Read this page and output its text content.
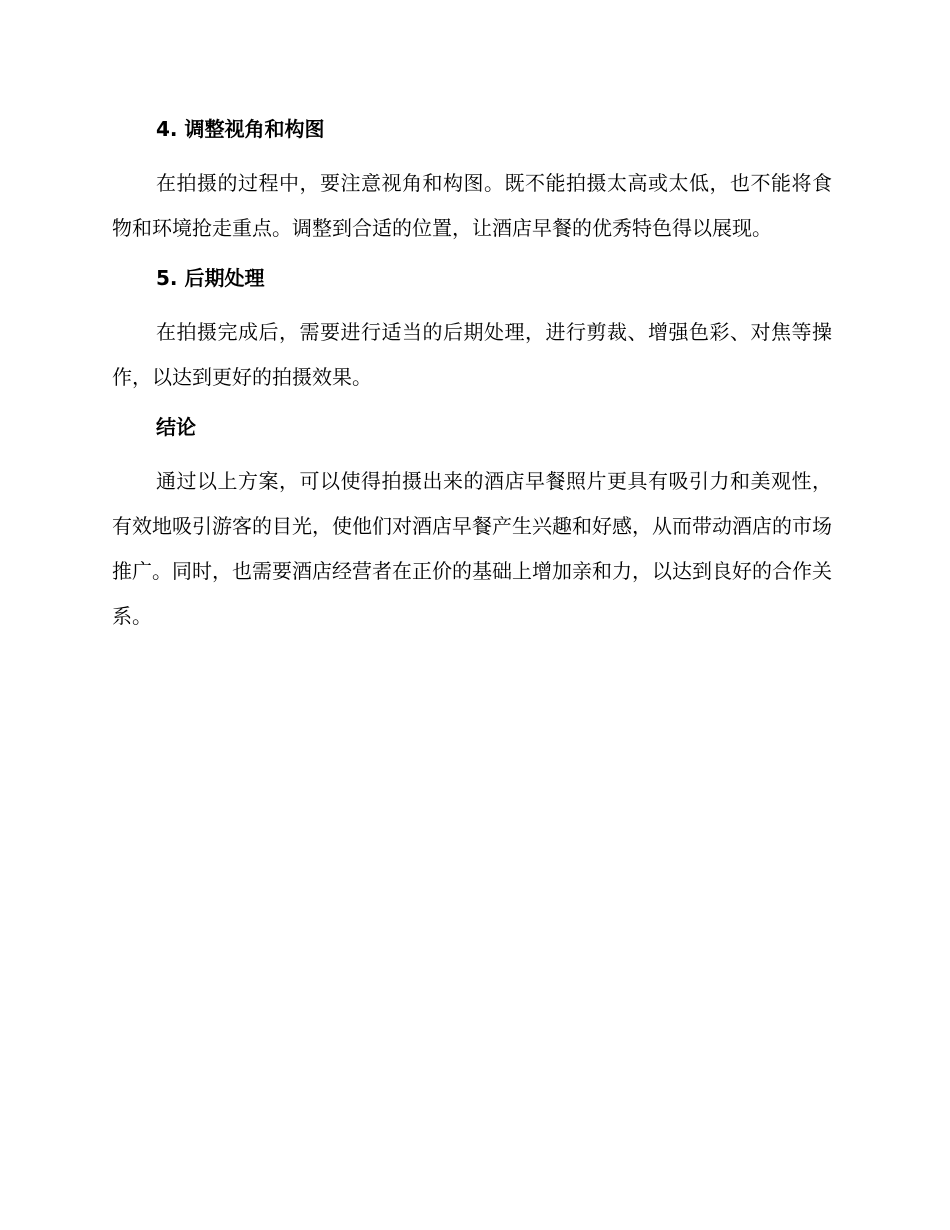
4. 调整视角和构图

在拍摄的过程中，要注意视角和构图。既不能拍摄太高或太低，也不能将食物和环境抢走重点。调整到合适的位置，让酒店早餐的优秀特色得以展现。

5. 后期处理

在拍摄完成后，需要进行适当的后期处理，进行剪裁、增强色彩、对焦等操作，以达到更好的拍摄效果。

结论

通过以上方案，可以使得拍摄出来的酒店早餐照片更具有吸引力和美观性，有效地吸引游客的目光，使他们对酒店早餐产生兴趣和好感，从而带动酒店的市场推广。同时，也需要酒店经营者在正价的基础上增加亲和力，以达到良好的合作关系。
